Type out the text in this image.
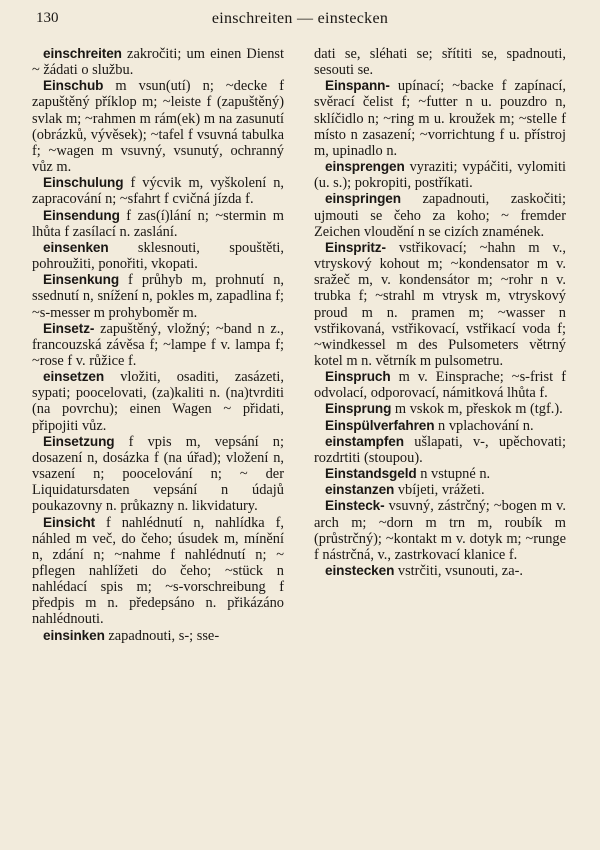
130	einschreiten — einstecken

einschreiten zakročiti; um einen Dienst ~ žádati o službu.

Einschub m vsun(utí) n; ~decke f zapuštěný příklop m; ~leiste f (zapuštěný) svlak m; ~rahmen m rám(ek) m na zasunutí (obrázků, vývěsek); ~tafel f vsuvná tabulka f; ~wagen m vsuvný, vsunutý, ochranný vůz m.

Einschulung f výcvik m, vyškolení n, zapracování n; ~sfahrt f cvičná jízda f.

Einsendung f zas(í)lání n; ~stermin m lhůta f zasílací n. zaslání.

einsenken sklesnouti, spouštěti, pohroužiti, ponořiti, vkopati.

Einsenkung f průhyb m, prohnutí n, ssednutí n, snížení n, pokles m, zapadlina f; ~s-messer m prohyboměr m.

Einsetz- zapuštěný, vložný; ~band n z., francouzská závěsa f; ~lampe f v. lampa f; ~rose f v. růžice f.

einsetzen vložiti, osaditi, zasázeti, sypati; poocelovati, (za)kaliti n. (na)tvrditi (na povrchu); einen Wagen ~ přidati, připojiti vůz.

Einsetzung f vpis m, vepsání n; dosazení n, dosázka f (na úřad); vložení n, vsazení n; poocelování n; ~ der Liquidatursdaten vepsání n údajů poukazovny n. průkazny n. likvidatury.

Einsicht f nahlédnutí n, nahlídka f, náhled m več, do čeho; úsudek m, mínění n, zdání n; ~nahme f nahlédnutí n; ~ pflegen nahlížeti do čeho; ~stück n nahlédací spis m; ~s-vorschreibung f předpis m n. předepsáno n. přikázáno nahlédnouti.

einsinken zapadnouti, s-; sse-

dati se, sléhati se; sřítiti se, spadnouti, sesouti se.

Einspann- upínací; ~backe f zapínací, svěrací čelist f; ~futter n u. pouzdro n, sklíčidlo n; ~ring m u. kroužek m; ~stelle f místo n zasazení; ~vorrichtung f u. přístroj m, upinadlo n.

einsprengen vyraziti; vypáčiti, vylomiti (u. s.); pokropiti, postříkati.

einspringen zapadnouti, zaskočiti; ujmouti se čeho za koho; ~ fremder Zeichen vloudění n se cizích znamének.

Einspritz- vstřikovací; ~hahn m v., vtryskový kohout m; ~kondensator m v. sražeč m, v. kondensátor m; ~rohr n v. trubka f; ~strahl m vtrysk m, vtryskový proud m n. pramen m; ~wasser n vstřikovaná, vstřikovací, vstřikací voda f; ~windkessel m des Pulsometers větrný kotel m n. větrník m pulsometru.

Einspruch m v. Einsprache; ~s-frist f odvolací, odporovací, námitková lhůta f.

Einsprung m vskok m, přeskok m (tgf.).

Einspülverfahren n vplachování n.

einstampfen ušlapati, v-, upěchovati; rozdrtiti (stoupou).

Einstandsgeld n vstupné n.

einstanzen vbíjeti, vrážeti.

Einsteck- vsuvný, zástrčný; ~bogen m v. arch m; ~dorn m trn m, roubík m (průstrčný); ~kontakt m v. dotyk m; ~runge f nástrčná, v., zastrkovací klanice f.

einstecken vstrčiti, vsunouti, za-.
